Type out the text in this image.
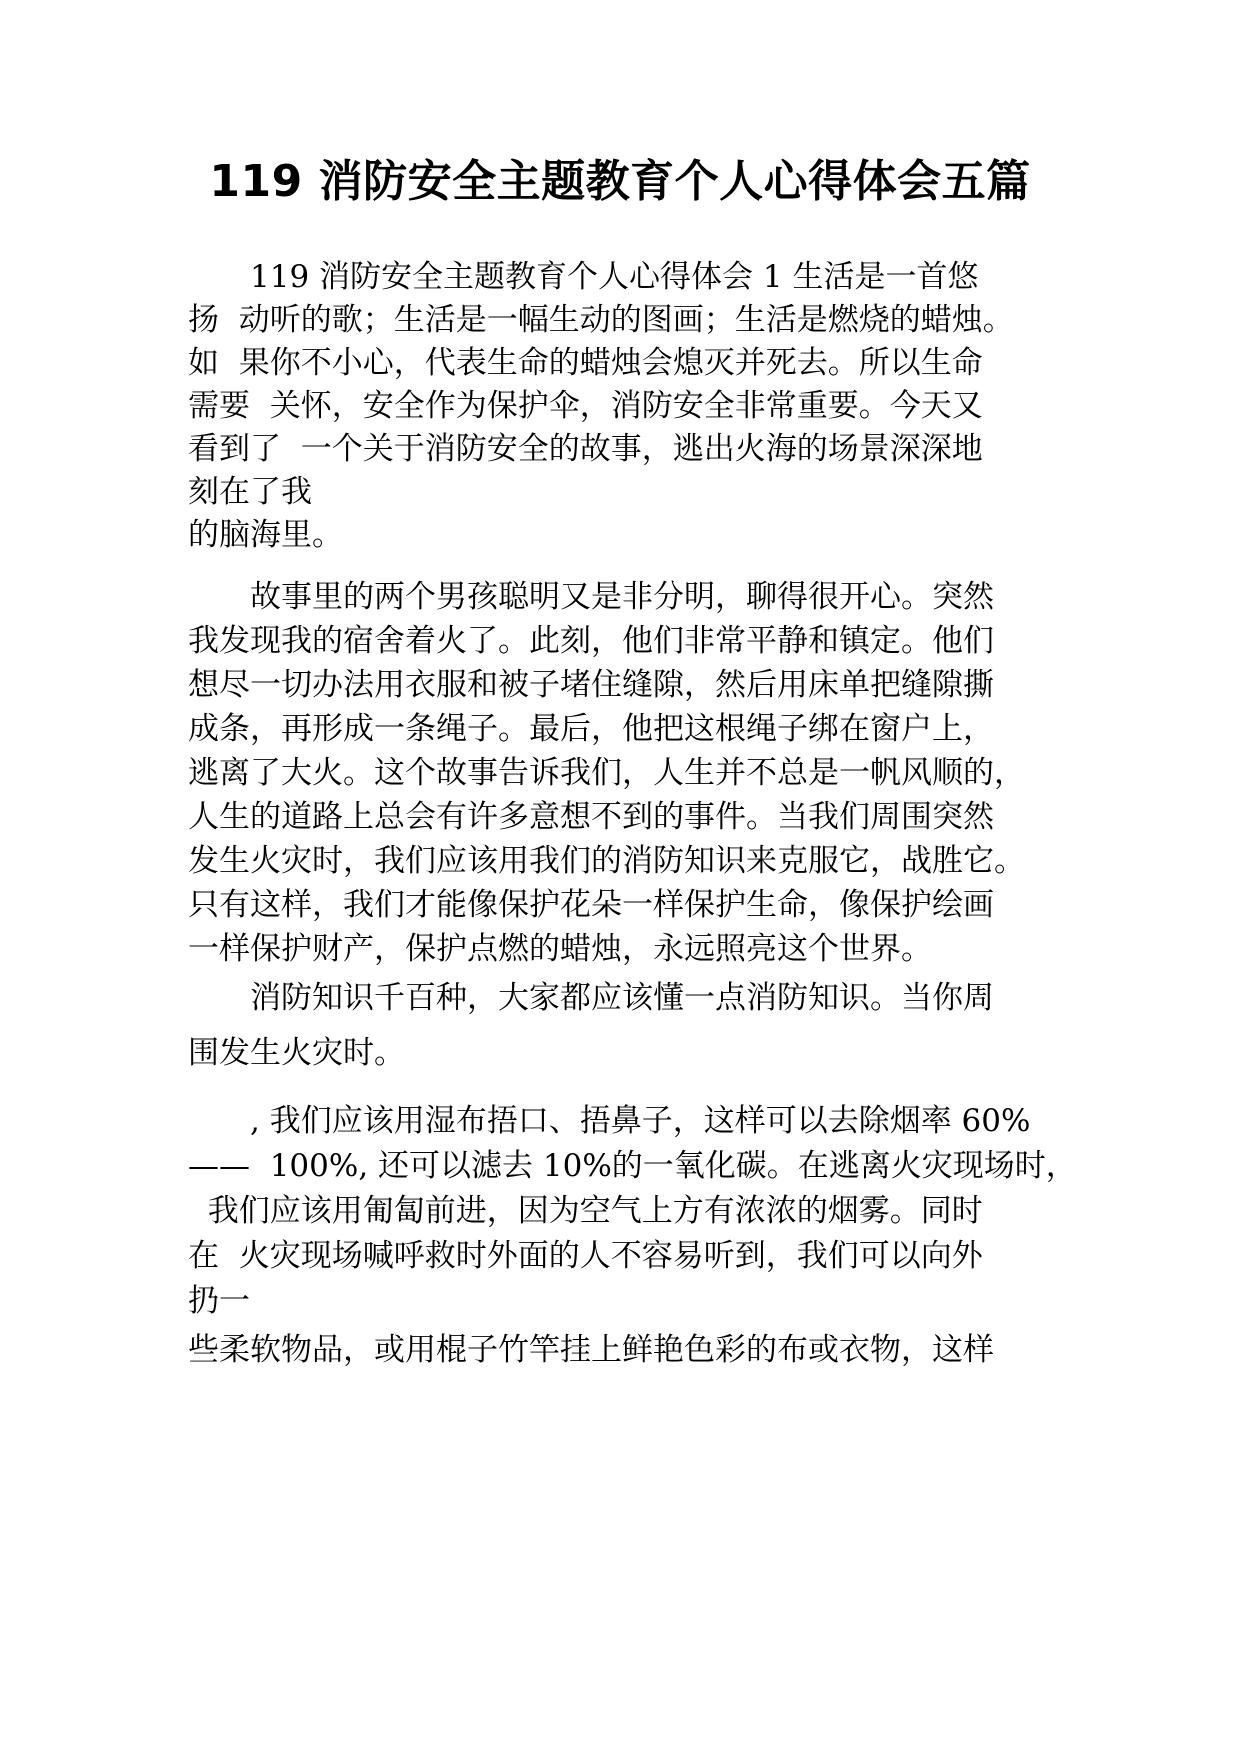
119 消防安全主题教育个人心得体会五篇

　　119 消防安全主题教育个人心得体会 1 生活是一首悠

扬  动听的歌；生活是一幅生动的图画；生活是燃烧的蜡烛。

如  果你不小心，代表生命的蜡烛会熄灭并死去。所以生命

需要  关怀，安全作为保护伞，消防安全非常重要。今天又

看到了  一个关于消防安全的故事，逃出火海的场景深深地

刻在了我

的脑海里。

　　故事里的两个男孩聪明又是非分明，聊得很开心。突然

我发现我的宿舍着火了。此刻，他们非常平静和镇定。他们

想尽一切办法用衣服和被子堵住缝隙，然后用床单把缝隙撕

成条，再形成一条绳子。最后，他把这根绳子绑在窗户上，

逃离了大火。这个故事告诉我们，人生并不总是一帆风顺的，

人生的道路上总会有许多意想不到的事件。当我们周围突然

发生火灾时，我们应该用我们的消防知识来克服它，战胜它。

只有这样，我们才能像保护花朵一样保护生命，像保护绘画

一样保护财产，保护点燃的蜡烛，永远照亮这个世界。

　　消防知识千百种，大家都应该懂一点消防知识。当你周

围发生火灾时。

　　, 我们应该用湿布捂口、捂鼻子，这样可以去除烟率 60%

——  100%, 还可以滤去 10%的一氧化碳。在逃离火灾现场时，

我们应该用匍匐前进，因为空气上方有浓浓的烟雾。同时

在  火灾现场喊呼救时外面的人不容易听到，我们可以向外

扔一

些柔软物品，或用棍子竹竿挂上鲜艳色彩的布或衣物，这样
